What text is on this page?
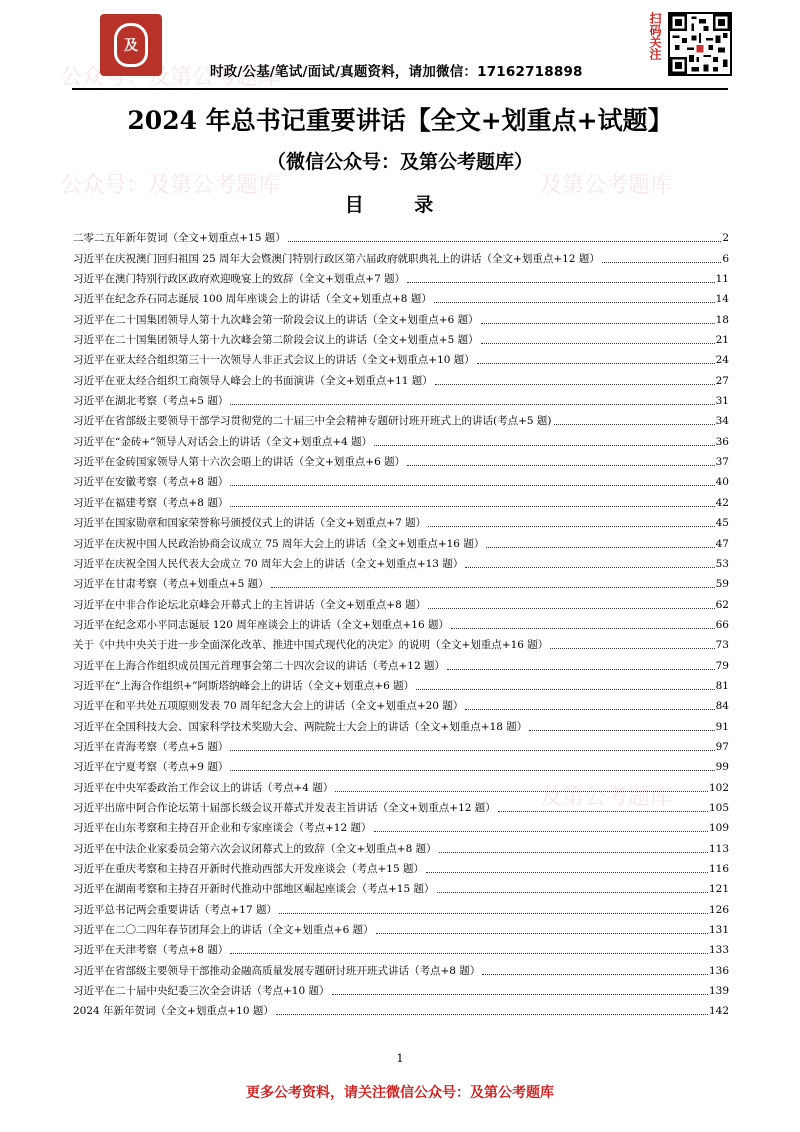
及
时政/公基/笔试/面试/真题资料，请加微信：17162718898
扫码关注
公众号：及第公考题库
公众号：及第公考题库	及第公考题库
及第公考题库
2024 年总书记重要讲话【全文+划重点+试题】
（微信公众号：及第公考题库）
目 录
二零二五年新年贺词（全文+划重点+15 题）	2
习近平在庆祝澳门回归祖国 25 周年大会暨澳门特别行政区第六届政府就职典礼上的讲话（全文+划重点+12 题）	6
习近平在澳门特别行政区政府欢迎晚宴上的致辞（全文+划重点+7 题）	11
习近平在纪念乔石同志诞辰 100 周年座谈会上的讲话（全文+划重点+8 题）	14
习近平在二十国集团领导人第十九次峰会第一阶段会议上的讲话（全文+划重点+6 题）	18
习近平在二十国集团领导人第十九次峰会第二阶段会议上的讲话（全文+划重点+5 题）	21
习近平在亚太经合组织第三十一次领导人非正式会议上的讲话（全文+划重点+10 题）	24
习近平在亚太经合组织工商领导人峰会上的书面演讲（全文+划重点+11 题）	27
习近平在湖北考察（考点+5 题）	31
习近平在省部级主要领导干部学习贯彻党的二十届三中全会精神专题研讨班开班式上的讲话(考点+5 题)	34
习近平在“金砖+”领导人对话会上的讲话（全文+划重点+4 题）	36
习近平在金砖国家领导人第十六次会晤上的讲话（全文+划重点+6 题）	37
习近平在安徽考察（考点+8 题）	40
习近平在福建考察（考点+8 题）	42
习近平在国家勋章和国家荣誉称号颁授仪式上的讲话（全文+划重点+7 题）	45
习近平在庆祝中国人民政治协商会议成立 75 周年大会上的讲话（全文+划重点+16 题）	47
习近平在庆祝全国人民代表大会成立 70 周年大会上的讲话（全文+划重点+13 题）	53
习近平在甘肃考察（考点+划重点+5 题）	59
习近平在中非合作论坛北京峰会开幕式上的主旨讲话（全文+划重点+8 题）	62
习近平在纪念邓小平同志诞辰 120 周年座谈会上的讲话（全文+划重点+16 题）	66
关于《中共中央关于进一步全面深化改革、推进中国式现代化的决定》的说明（全文+划重点+16 题）	73
习近平在上海合作组织成员国元首理事会第二十四次会议的讲话（考点+12 题）	79
习近平在“上海合作组织+”阿斯塔纳峰会上的讲话（全文+划重点+6 题）	81
习近平在和平共处五项原则发表 70 周年纪念大会上的讲话（全文+划重点+20 题）	84
习近平在全国科技大会、国家科学技术奖励大会、两院院士大会上的讲话（全文+划重点+18 题）	91
习近平在青海考察（考点+5 题）	97
习近平在宁夏考察（考点+9 题）	99
习近平在中央军委政治工作会议上的讲话（考点+4 题）	102
习近平出席中阿合作论坛第十届部长级会议开幕式并发表主旨讲话（全文+划重点+12 题）	105
习近平在山东考察和主持召开企业和专家座谈会（考点+12 题）	109
习近平在中法企业家委员会第六次会议闭幕式上的致辞（全文+划重点+8 题）	113
习近平在重庆考察和主持召开新时代推动西部大开发座谈会（考点+15 题）	116
习近平在湖南考察和主持召开新时代推动中部地区崛起座谈会（考点+15 题）	121
习近平总书记两会重要讲话（考点+17 题）	126
习近平在二〇二四年春节团拜会上的讲话（全文+划重点+6 题）	131
习近平在天津考察（考点+8 题）	133
习近平在省部级主要领导干部推动金融高质量发展专题研讨班开班式讲话（考点+8 题）	136
习近平在二十届中央纪委三次全会讲话（考点+10 题）	139
2024 年新年贺词（全文+划重点+10 题）	142
1
更多公考资料，请关注微信公众号：及第公考题库
